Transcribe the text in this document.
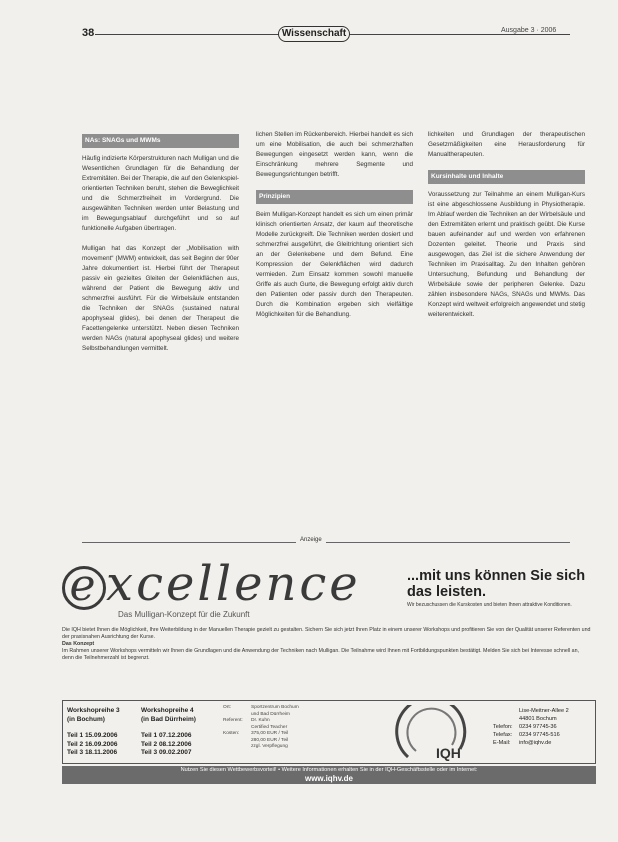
38	Wissenschaft	Ausgabe 3 · 2006
NAs: SNAGs und MWMs

Häufig indizierte Körperstrukturen nach Mulligan und die Wesentlichen Grundlagen für die Behandlung der Extremitäten. Bei der Therapie, die auf den Gelenkspiel-orientierten Techniken beruht, stehen die Beweglichkeit und die Schmerzfreiheit im Vordergrund. Die ausgewählten Techniken werden unter Belastung und im Bewegungsablauf durchgeführt und so auf funktionelle Aufgaben übertragen.

Mulligan hat das Konzept der „Mobilisation with movement“ (MWM) entwickelt, das seit Beginn der 90er Jahre dokumentiert ist. Hierbei führt der Therapeut passiv ein gezieltes Gleiten der Gelenkflächen aus, während der Patient die Bewegung aktiv und schmerzfrei ausführt. Für die Wirbelsäule entstanden die Techniken der SNAGs (sustained natural apophyseal glides), bei denen der Therapeut die Facettengelenke unterstützt. Neben diesen Techniken werden NAGs (natural apophyseal glides) und weitere Selbstbehandlungen vermittelt.

lichen Stellen im Rückenbereich. Hierbei handelt es sich um eine Mobilisation, die auch bei schmerzhaften Bewegungen eingesetzt werden kann, wenn die Einschränkung mehrere Segmente und Bewegungsrichtungen betrifft.

Prinzipien

Beim Mulligan-Konzept handelt es sich um einen primär klinisch orientierten Ansatz, der kaum auf theoretische Modelle zurückgreift. Die Techniken werden dosiert und schmerzfrei ausgeführt, die Gleitrichtung orientiert sich an der Gelenkebene und dem Befund. Eine Kompression der Gelenkflächen wird dadurch vermieden. Zum Einsatz kommen sowohl manuelle Griffe als auch Gurte, die Bewegung erfolgt aktiv durch den Patienten oder passiv durch den Therapeuten. Durch die Kombination ergeben sich vielfältige Möglichkeiten für die Behandlung.

lichkeiten und Grundlagen der therapeutischen Gesetzmäßigkeiten eine Herausforderung für Manualtherapeuten.

Kursinhalte und Inhalte

Voraussetzung zur Teilnahme an einem Mulligan-Kurs ist eine abgeschlossene Ausbildung in Physiotherapie. Im Ablauf werden die Techniken an der Wirbelsäule und den Extremitäten erlernt und praktisch geübt. Die Kurse bauen aufeinander auf und werden von erfahrenen Dozenten geleitet. Theorie und Praxis sind ausgewogen, das Ziel ist die sichere Anwendung der Techniken im Praxisalltag. Zu den Inhalten gehören Untersuchung, Befundung und Behandlung der Wirbelsäule sowie der peripheren Gelenke. Dazu zählen insbesondere NAGs, SNAGs und MWMs. Das Konzept wird weltweit erfolgreich angewendet und stetig weiterentwickelt.

Anzeige
e xcellence
Das Mulligan-Konzept für die Zukunft
...mit uns können Sie sich das leisten.
Wir bezuschussen die Kurskosten und bieten Ihnen attraktive Konditionen.
Die IQH bietet Ihnen die Möglichkeit, Ihre Weiterbildung in der Manuellen Therapie gezielt zu gestalten. Sichern Sie sich jetzt Ihren Platz in einem unserer Workshops und profitieren Sie von der Qualität unserer Referenten und der praxisnahen Ausrichtung der Kurse.
Das Konzept
Im Rahmen unserer Workshops vermitteln wir Ihnen die Grundlagen und die Anwendung der Techniken nach Mulligan. Die Teilnahme wird Ihnen mit Fortbildungspunkten bestätigt. Melden Sie sich bei Interesse schnell an, denn die Teilnehmerzahl ist begrenzt.
Workshopreihe 3
(in Bochum)
Teil 1 15.09.2006
Teil 2 16.09.2006
Teil 3 18.11.2006
Workshopreihe 4
(in Bad Dürrheim)
Teil 1 07.12.2006
Teil 2 08.12.2006
Teil 3 09.02.2007
Ort:	Sportzentrum Bochum
und Bad Dürrheim
Referent:	Dr. Kuhn
Certified Teacher
Kosten:	375,00 EUR / Teil
280,00 EUR / Teil
zzgl. Verpflegung	IQH
Lise-Meitner-Allee 2
44801 Bochum
Telefon:	0234 97745-36
Telefax:	0234 97745-516
E-Mail:	info@iqhv.de
Nutzen Sie diesen Wettbewerbsvorteil! • Weitere Informationen erhalten Sie in der IQH-Geschäftsstelle oder im Internet:
www.iqhv.de
